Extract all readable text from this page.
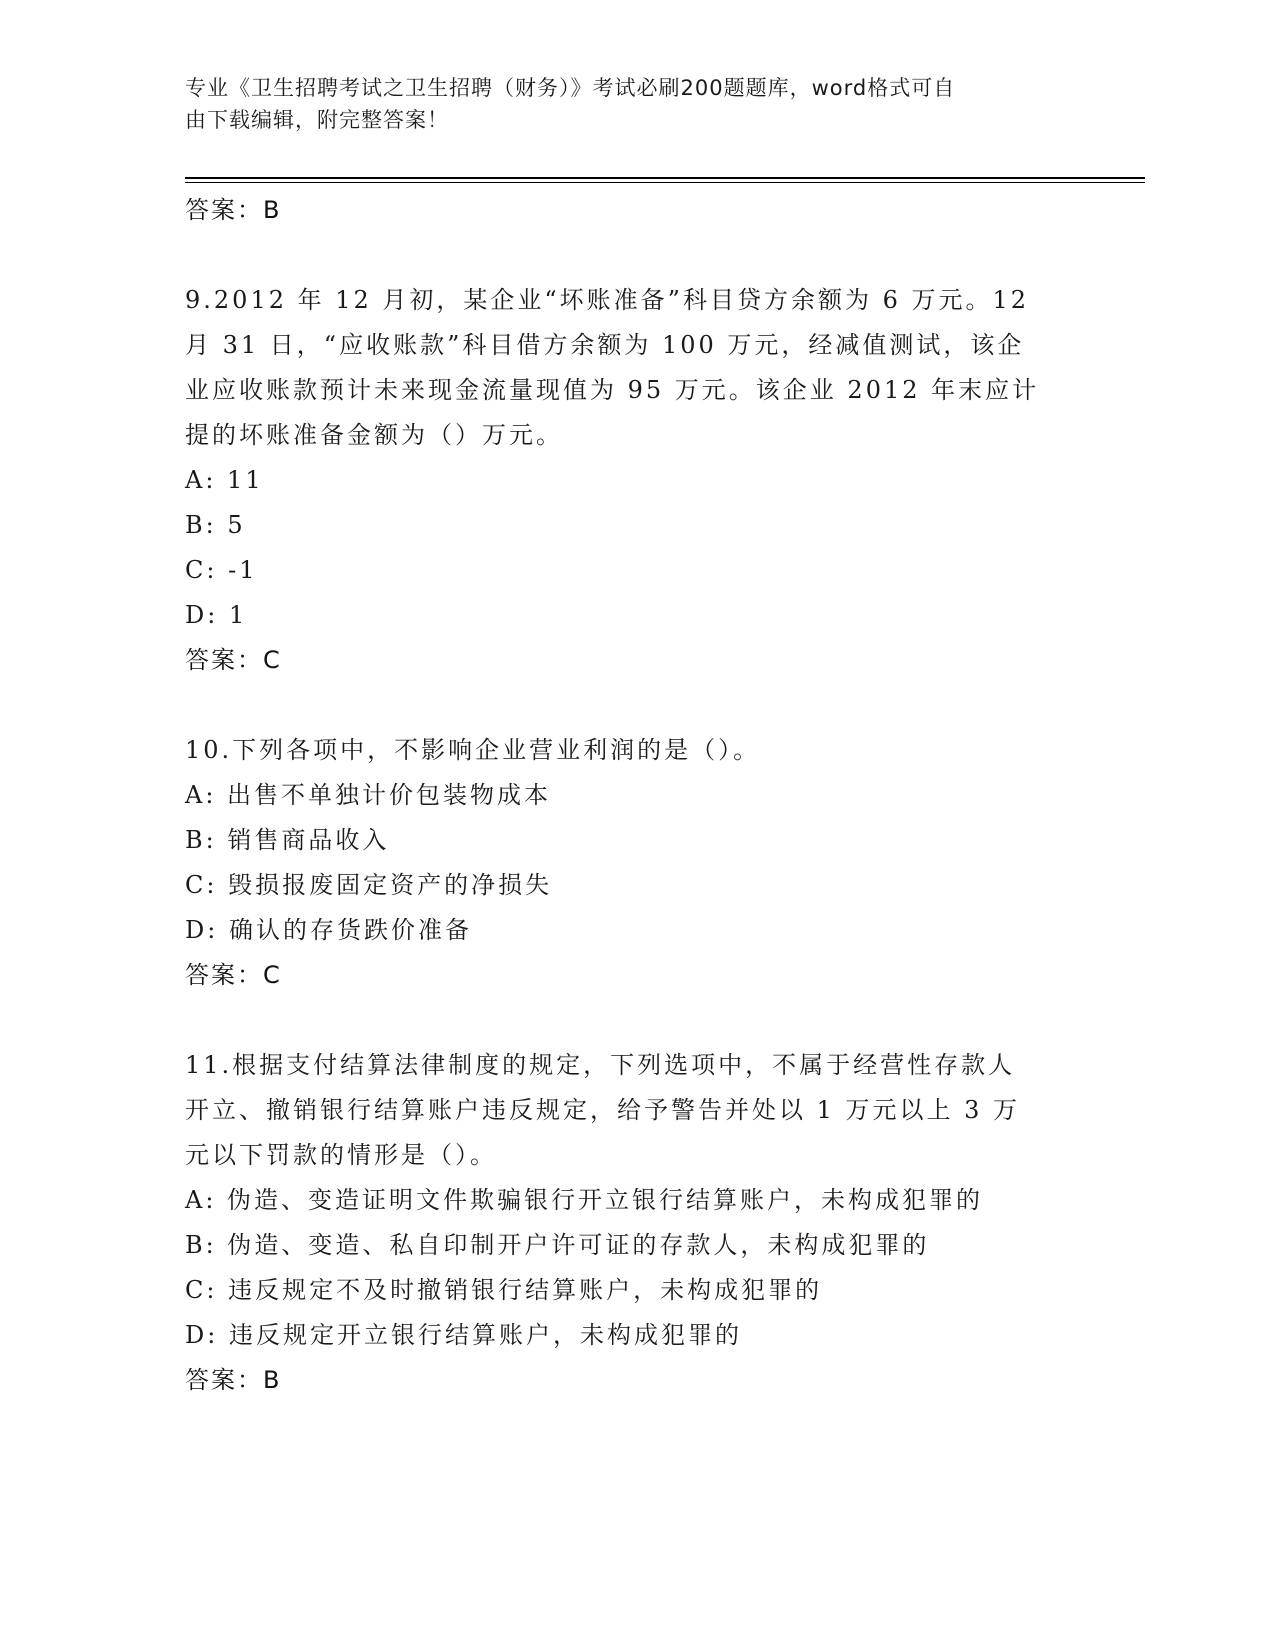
专业《卫生招聘考试之卫生招聘（财务）》考试必刷200题题库，word格式可自
由下载编辑，附完整答案！
答案：B
9.2012 年 12 月初，某企业“坏账准备”科目贷方余额为 6 万元。12
月 31 日，“应收账款”科目借方余额为 100 万元，经减值测试，该企
业应收账款预计未来现金流量现值为 95 万元。该企业 2012 年末应计
提的坏账准备金额为（）万元。
A: 11
B: 5
C: -1
D: 1
答案：C
10.下列各项中，不影响企业营业利润的是（）。
A: 出售不单独计价包装物成本
B: 销售商品收入
C: 毁损报废固定资产的净损失
D: 确认的存货跌价准备
答案：C
11.根据支付结算法律制度的规定，下列选项中，不属于经营性存款人
开立、撤销银行结算账户违反规定，给予警告并处以 1 万元以上 3 万
元以下罚款的情形是（）。
A: 伪造、变造证明文件欺骗银行开立银行结算账户，未构成犯罪的
B: 伪造、变造、私自印制开户许可证的存款人，未构成犯罪的
C: 违反规定不及时撤销银行结算账户，未构成犯罪的
D: 违反规定开立银行结算账户，未构成犯罪的
答案：B
